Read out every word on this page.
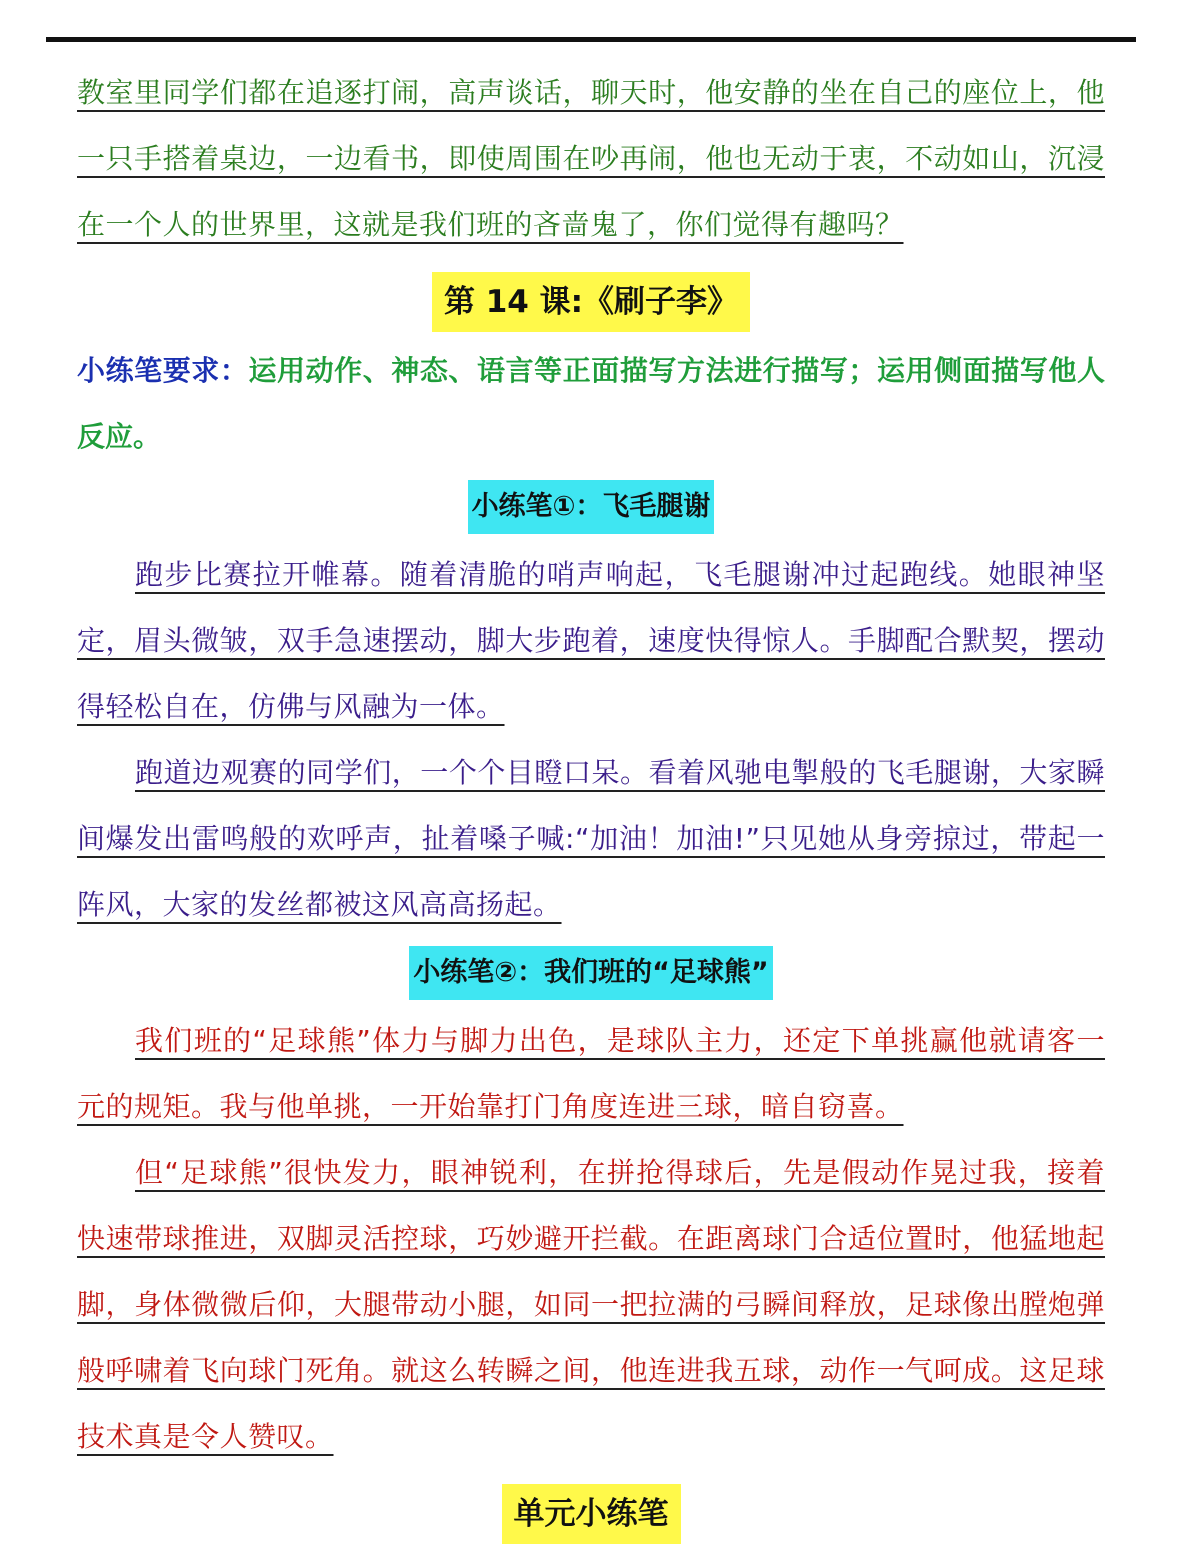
教室里同学们都在追逐打闹，高声谈话，聊天时，他安静的坐在自己的座位上，他一只手搭着桌边，一边看书，即使周围在吵再闹，他也无动于衷，不动如山，沉浸在一个人的世界里，这就是我们班的吝啬鬼了，你们觉得有趣吗？

第 14 课:《刷子李》

小练笔要求：运用动作、神态、语言等正面描写方法进行描写；运用侧面描写他人反应。

小练笔①：飞毛腿谢

跑步比赛拉开帷幕。随着清脆的哨声响起，飞毛腿谢冲过起跑线。她眼神坚定，眉头微皱，双手急速摆动，脚大步跑着，速度快得惊人。手脚配合默契，摆动得轻松自在，仿佛与风融为一体。

跑道边观赛的同学们，一个个目瞪口呆。看着风驰电掣般的飞毛腿谢，大家瞬间爆发出雷鸣般的欢呼声，扯着嗓子喊:“加油！加油!”只见她从身旁掠过，带起一阵风，大家的发丝都被这风高高扬起。

小练笔②：我们班的“足球熊”

我们班的“足球熊”体力与脚力出色，是球队主力，还定下单挑赢他就请客一元的规矩。我与他单挑，一开始靠打门角度连进三球，暗自窃喜。

但“足球熊”很快发力，眼神锐利，在拼抢得球后，先是假动作晃过我，接着快速带球推进，双脚灵活控球，巧妙避开拦截。在距离球门合适位置时，他猛地起脚，身体微微后仰，大腿带动小腿，如同一把拉满的弓瞬间释放，足球像出膛炮弹般呼啸着飞向球门死角。就这么转瞬之间，他连进我五球，动作一气呵成。这足球技术真是令人赞叹。

单元小练笔
